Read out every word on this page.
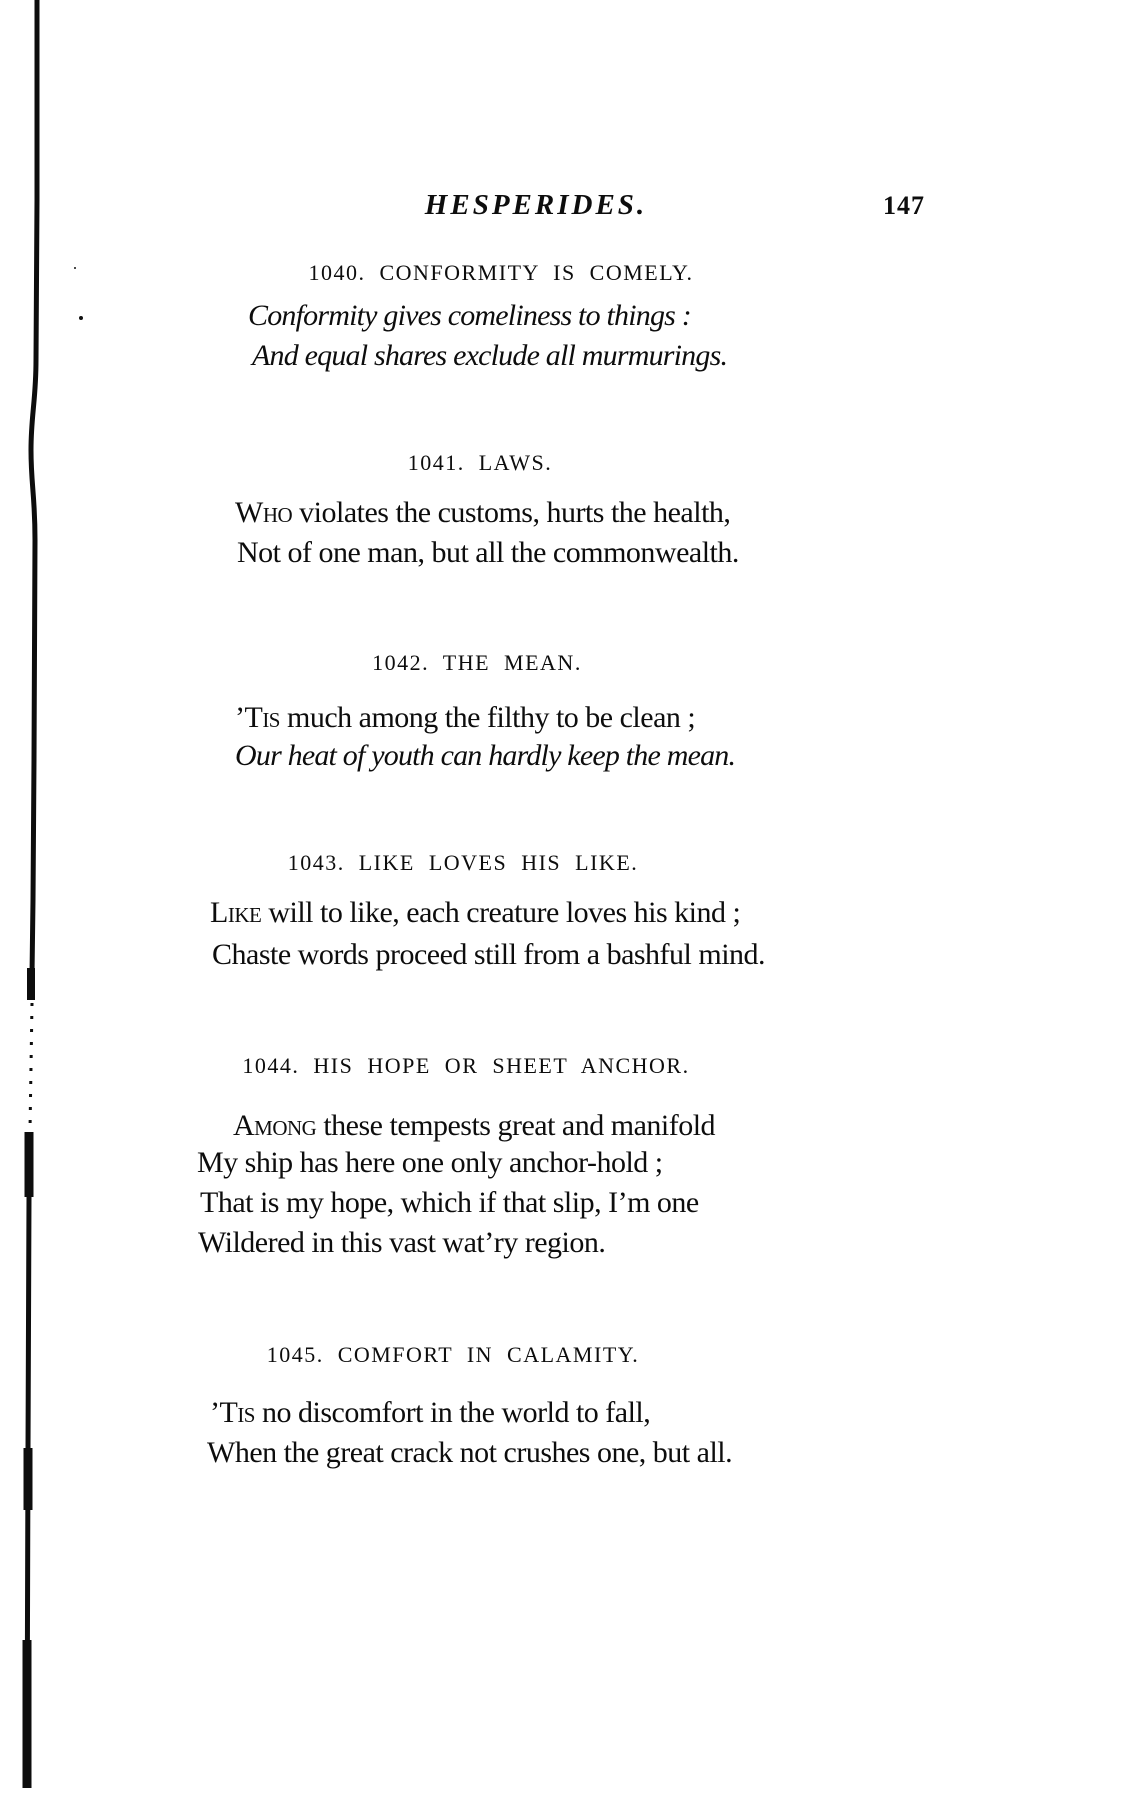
HESPERIDES.	147
1040. CONFORMITY IS COMELY.
Conformity gives comeliness to things :
And equal shares exclude all murmurings.
1041. LAWS.
Who violates the customs, hurts the health,
Not of one man, but all the commonwealth.
1042. THE MEAN.
’Tis much among the filthy to be clean ;
Our heat of youth can hardly keep the mean.
1043. LIKE LOVES HIS LIKE.
Like will to like, each creature loves his kind ;
Chaste words proceed still from a bashful mind.
1044. HIS HOPE OR SHEET ANCHOR.
Among these tempests great and manifold
My ship has here one only anchor-hold ;
That is my hope, which if that slip, I’m one
Wildered in this vast wat’ry region.
1045. COMFORT IN CALAMITY.
’Tis no discomfort in the world to fall,
When the great crack not crushes one, but all.
